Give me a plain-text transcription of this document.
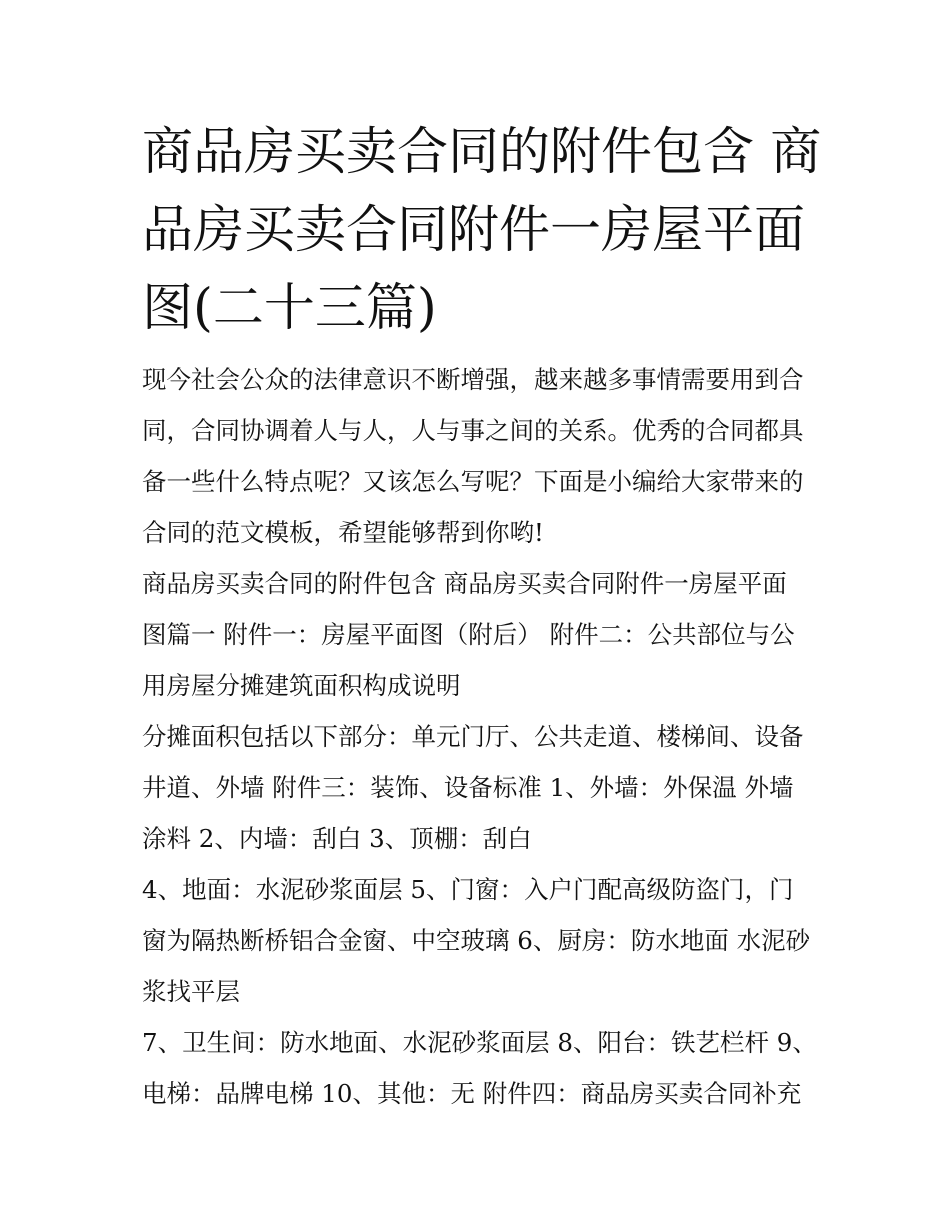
商品房买卖合同的附件包含 商
品房买卖合同附件一房屋平面
图(二十三篇)
现今社会公众的法律意识不断增强，越来越多事情需要用到合
同，合同协调着人与人，人与事之间的关系。优秀的合同都具
备一些什么特点呢？又该怎么写呢？下面是小编给大家带来的
合同的范文模板，希望能够帮到你哟!
商品房买卖合同的附件包含 商品房买卖合同附件一房屋平面
图篇一 附件一：房屋平面图（附后） 附件二：公共部位与公
用房屋分摊建筑面积构成说明
分摊面积包括以下部分：单元门厅、公共走道、楼梯间、设备
井道、外墙 附件三：装饰、设备标准 1、外墙：外保温 外墙
涂料 2、内墙：刮白 3、顶棚：刮白
4、地面：水泥砂浆面层 5、门窗：入户门配高级防盗门，门
窗为隔热断桥铝合金窗、中空玻璃 6、厨房：防水地面 水泥砂
浆找平层
7、卫生间：防水地面、水泥砂浆面层 8、阳台：铁艺栏杆 9、
电梯：品牌电梯 10、其他：无 附件四：商品房买卖合同补充
